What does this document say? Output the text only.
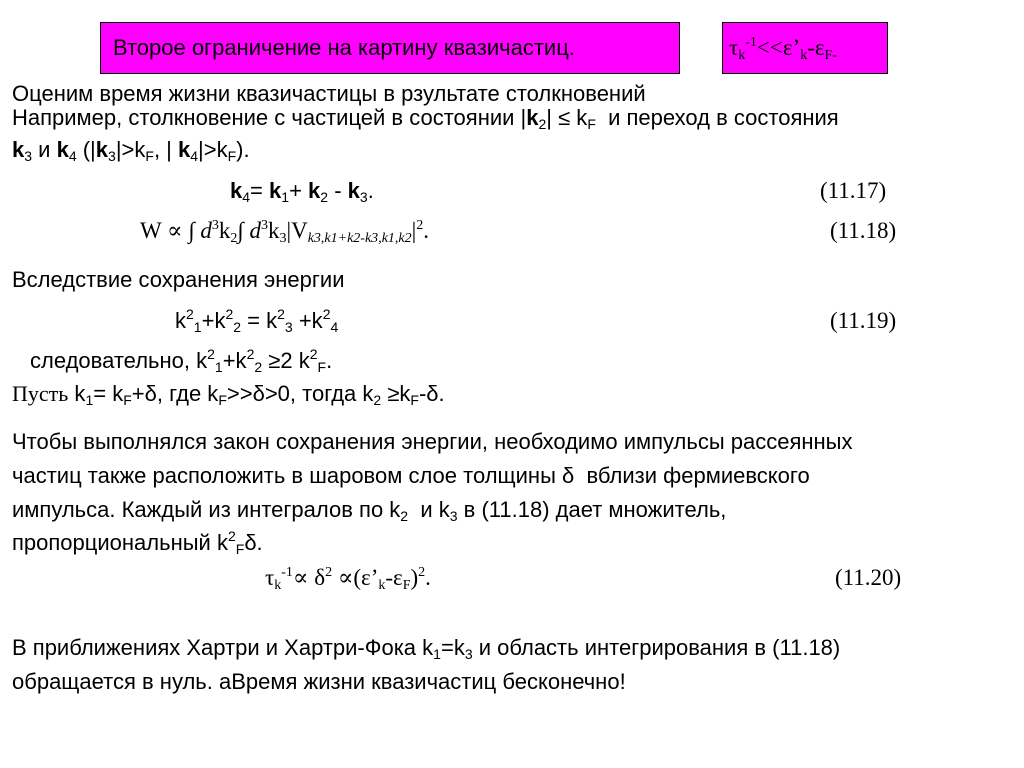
Второе ограничение на картину квазичастиц.	$\tau_k^{-1}<<\varepsilon’_k-\varepsilon_{F-}$
Оценим время жизни квазичастицы в рзультате столкновений
Например, столкновение с частицей в состоянии $|k_2| \le k_F$  и переход в состояния
$k_3$ и $k_4$ ($|k_3|>k_F$, | $k_4|>k_F$).
$k_4= k_1+ k_2 - k_3$.	(11.17)
W ∝ ∫ $d^3k_2\int$ $d^3k_3|V_{k3,k1+k2-k3,k1,k2}|^2$.	(11.18)
Вследствие сохранения энергии
$k^2_1+k^2_2 = k^2_3 +k^2_4$	(11.19)
следовательно, $k^2_1+k^2_2 \ge 2$ $k^2_F$.
Пусть $k_1= k_F+\delta$, где $k_F>>\delta>0$, тогда $k_2 \ge k_F-\delta$.
Чтобы выполнялся закон сохранения энергии, необходимо импульсы рассеянных
частиц также расположить в шаровом слое толщины δ  вблизи фермиевского
импульса. Каждый из интегралов по $k_2$  и $k_3$ в (11.18) дает множитель,
пропорциональный $k^2_F\delta$.
$\tau_k^{-1}\propto \delta^2$ $\propto(\varepsilon’_k-\varepsilon_F)^2$.	(11.20)
В приближениях Хартри и Хартри-Фока $k_1=k_3$ и область интегрирования в (11.18)
обращается в нуль. аВремя жизни квазичастиц бесконечно!
